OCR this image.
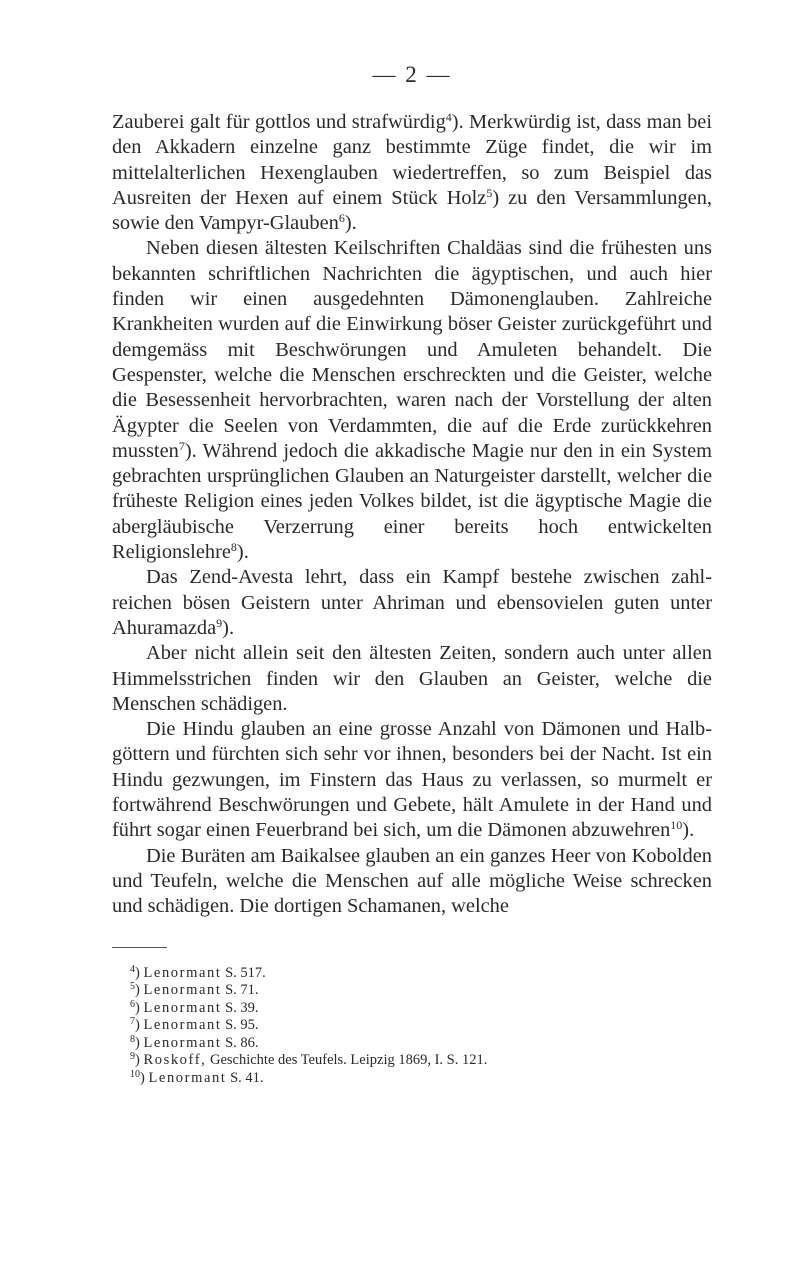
— 2 —

Zauberei galt für gottlos und strafwürdig$^4$). Merkwürdig ist, dass man bei den Akkadern einzelne ganz bestimmte Züge findet, die wir im mittelalterlichen Hexenglauben wiedertreffen, so zum Beispiel das Ausreiten der Hexen auf einem Stück Holz$^5$) zu den Versammlungen, sowie den Vampyr-Glauben$^6$).

Neben diesen ältesten Keilschriften Chaldäas sind die frühesten uns bekannten schriftlichen Nachrichten die ägyptischen, und auch hier finden wir einen ausgedehnten Dämonenglauben. Zahlreiche Krankheiten wurden auf die Einwirkung böser Geister zurückgeführt und demgemäss mit Beschwörungen und Amuleten behandelt. Die Gespenster, welche die Menschen erschreckten und die Geister, welche die Besessenheit hervorbrachten, waren nach der Vorstellung der alten Ägypter die Seelen von Verdammten, die auf die Erde zurückkehren mussten$^7$). Während jedoch die akkadische Magie nur den in ein System gebrachten ursprünglichen Glauben an Naturgeister darstellt, welcher die früheste Religion eines jeden Volkes bildet, ist die ägyptische Magie die abergläubische Verzerrung einer bereits hoch entwickelten Religionslehre$^8$).

Das Zend-Avesta lehrt, dass ein Kampf bestehe zwischen zahlreichen bösen Geistern unter Ahriman und ebensovielen guten unter Ahuramazda$^9$).

Aber nicht allein seit den ältesten Zeiten, sondern auch unter allen Himmelsstrichen finden wir den Glauben an Geister, welche die Menschen schädigen.

Die Hindu glauben an eine grosse Anzahl von Dämonen und Halbgöttern und fürchten sich sehr vor ihnen, besonders bei der Nacht. Ist ein Hindu gezwungen, im Finstern das Haus zu verlassen, so murmelt er fortwährend Beschwörungen und Gebete, hält Amulete in der Hand und führt sogar einen Feuerbrand bei sich, um die Dämonen abzuwehren$^{10}$).

Die Buräten am Baikalsee glauben an ein ganzes Heer von Kobolden und Teufeln, welche die Menschen auf alle mögliche Weise schrecken und schädigen. Die dortigen Schamanen, welche

$^4$) Lenormant S. 517.
$^5$) Lenormant S. 71.
$^6$) Lenormant S. 39.
$^7$) Lenormant S. 95.
$^8$) Lenormant S. 86.
$^9$) Roskoff, Geschichte des Teufels. Leipzig 1869, I. S. 121.
$^{10}$) Lenormant S. 41.
